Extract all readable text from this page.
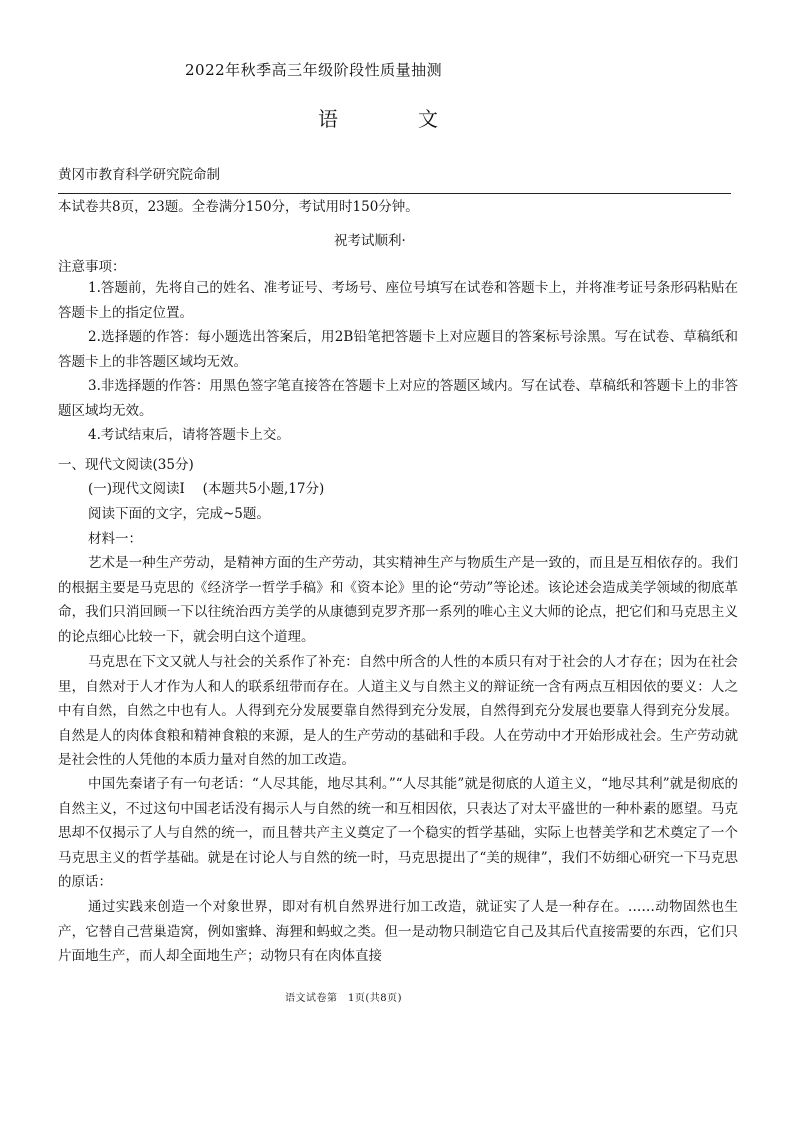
2022年秋季高三年级阶段性质量抽测
语	文
黄冈市教育科学研究院命制
本试卷共8页，23题。全卷满分150分，考试用时150分钟。
祝考试顺利·
注意事项：
1.答题前，先将自己的姓名、准考证号、考场号、座位号填写在试卷和答题卡上，并将准考证号条形码粘贴在答题卡上的指定位置。
2.选择题的作答：每小题选出答案后，用2B铅笔把答题卡上对应题目的答案标号涂黑。写在试卷、草稿纸和答题卡上的非答题区域均无效。
3.非选择题的作答：用黑色签字笔直接答在答题卡上对应的答题区域内。写在试卷、草稿纸和答题卡上的非答题区域均无效。
4.考试结束后，请将答题卡上交。
一、现代文阅读(35分)
(一)现代文阅读Ⅰ　 (本题共5小题,17分)
阅读下面的文字，完成~5题。
材料一：
艺术是一种生产劳动，是精神方面的生产劳动，其实精神生产与物质生产是一致的，而且是互相依存的。我们的根据主要是马克思的《经济学一哲学手稿》和《资本论》里的论“劳动”等论述。该论述会造成美学领域的彻底革命，我们只消回顾一下以往统治西方美学的从康德到克罗齐那一系列的唯心主义大师的论点，把它们和马克思主义的论点细心比较一下，就会明白这个道理。
马克思在下文又就人与社会的关系作了补充：自然中所含的人性的本质只有对于社会的人才存在；因为在社会里，自然对于人才作为人和人的联系纽带而存在。人道主义与自然主义的辩证统一含有两点互相因依的要义：人之中有自然，自然之中也有人。人得到充分发展要靠自然得到充分发展，自然得到充分发展也要靠人得到充分发展。自然是人的肉体食粮和精神食粮的来源，是人的生产劳动的基础和手段。人在劳动中才开始形成社会。生产劳动就是社会性的人凭他的本质力量对自然的加工改造。
中国先秦诸子有一句老话：“人尽其能，地尽其利。”“人尽其能”就是彻底的人道主义，“地尽其利”就是彻底的自然主义，不过这句中国老话没有揭示人与自然的统一和互相因依，只表达了对太平盛世的一种朴素的愿望。马克思却不仅揭示了人与自然的统一，而且替共产主义奠定了一个稳实的哲学基础，实际上也替美学和艺术奠定了一个马克思主义的哲学基础。就是在讨论人与自然的统一时，马克思提出了“美的规律”，我们不妨细心研究一下马克思的原话：
通过实践来创造一个对象世界，即对有机自然界进行加工改造，就证实了人是一种存在。……动物固然也生产，它替自己营巢造窝，例如蜜蜂、海狸和蚂蚁之类。但一是动物只制造它自己及其后代直接需要的东西，它们只片面地生产，而人却全面地生产；动物只有在肉体直接
语文试卷第　1页(共8页)
